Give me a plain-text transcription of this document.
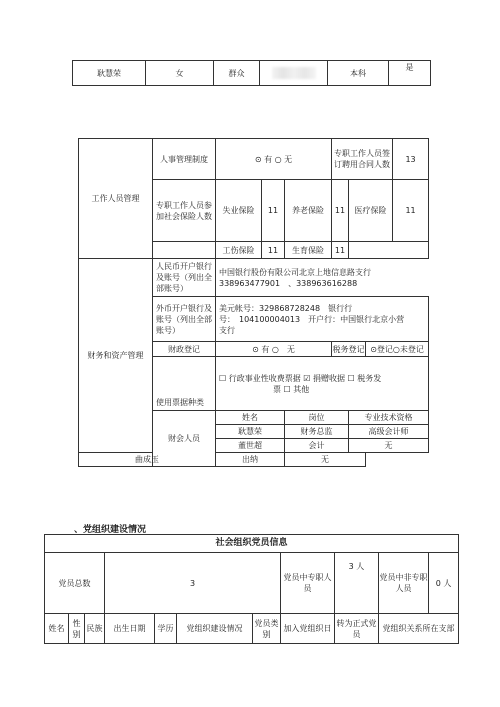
耿慧荣	女	群众		本科	是
工作人员管理	人事管理制度	⊙ 有 ○ 无			专职工作人员签订聘用合同人数			13
	专职工作人员参加社会保险人数	失业保险	11	养老保险	11	医疗保险		11
		工伤保险	11	生育保险	11			
财务和资产管理	人民币开户银行及账号（列出全部账号）	中国银行股份有限公司北京上地信息路支行
338963477901　、338963616288						

	外币开户银行及账号（列出全部账号）	美元帐号：329868728248　银行行
号：　104100004013　开户行：中国银行北京小营
支行						

	财政登记	⊙ 有 ○　无			税务登记		⊙登记○未登记	
	使用票据种类	☐ 行政事业性收费票据 ☑ 捐赠收据 ☐ 税务发
票 ☐ 其他						

	财会人员	姓名		岗位		专业技术资格		
		耿慧荣		财务总监		高级会计师		
		董世超		会计		无		
曲成玉		出纳		无				
、党组织建设情况
社会组织党员信息										
党员总数			3				党员中专职人员	3 人	党员中非专职人员	0 人
姓名	性别	民族	出生日期	学历	党组织建设情况	党员类别	加入党组织日	转为正式党员	党组织关系所在支部	
